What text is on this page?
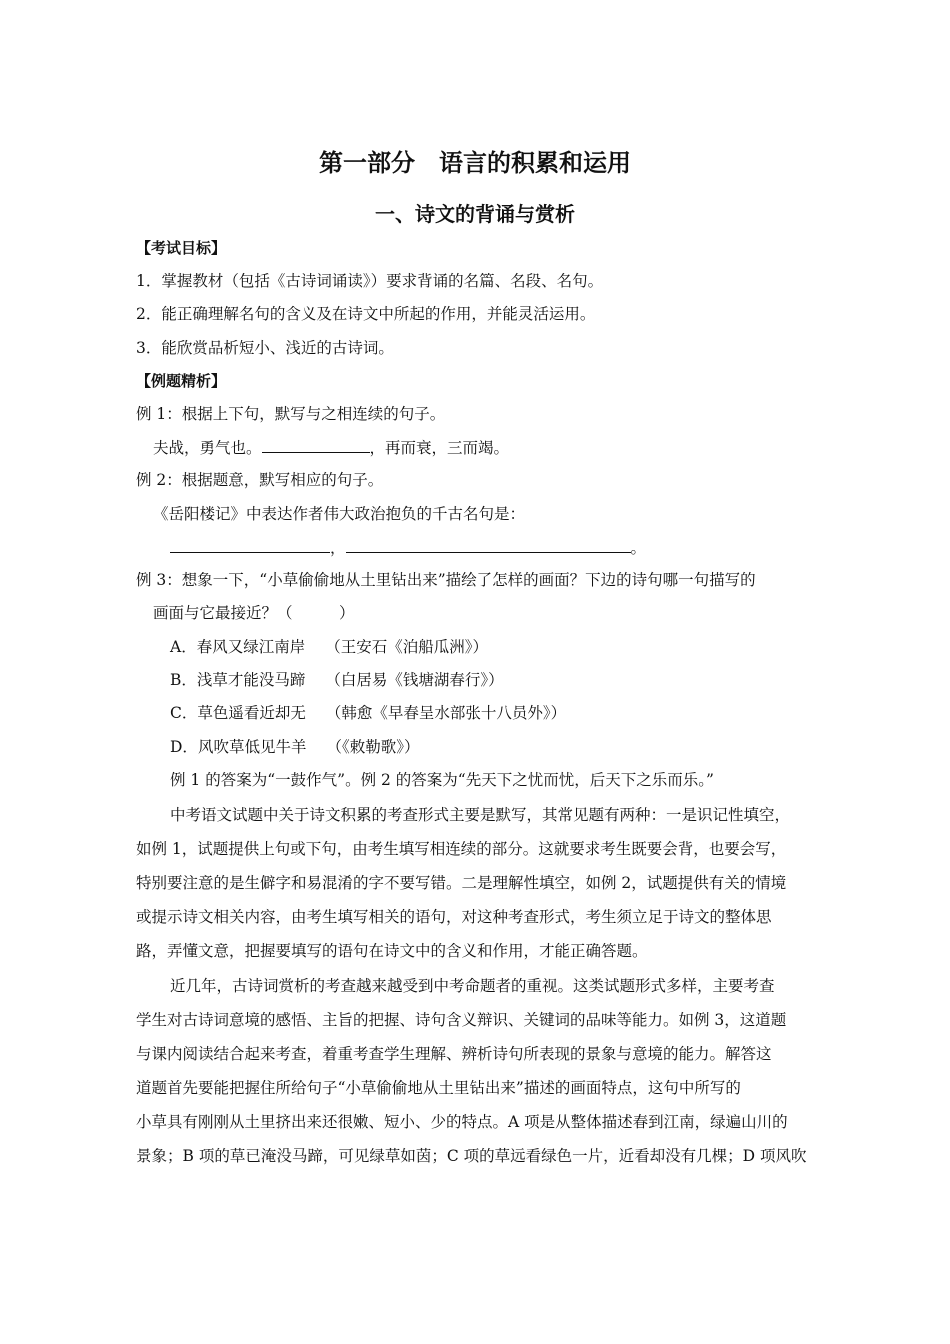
第一部分　语言的积累和运用
一、诗文的背诵与赏析
【考试目标】
1．掌握教材（包括《古诗词诵读》）要求背诵的名篇、名段、名句。
2．能正确理解名句的含义及在诗文中所起的作用，并能灵活运用。
3．能欣赏品析短小、浅近的古诗词。
【例题精析】
例 1：根据上下句，默写与之相连续的句子。
夫战，勇气也。	，再而衰，三而竭。
例 2：根据题意，默写相应的句子。
《岳阳楼记》中表达作者伟大政治抱负的千古名句是：
，	。
例 3：想象一下，“小草偷偷地从土里钻出来”描绘了怎样的画面？下边的诗句哪一句描写的
画面与它最接近？（　　　）
A．春风又绿江南岸 （王安石《泊船瓜洲》）
B．浅草才能没马蹄 （白居易《钱塘湖春行》）
C．草色遥看近却无 （韩愈《早春呈水部张十八员外》）
D．风吹草低见牛羊 （《敕勒歌》）
例 1 的答案为“一鼓作气”。例 2 的答案为“先天下之忧而忧，后天下之乐而乐。”
中考语文试题中关于诗文积累的考查形式主要是默写，其常见题有两种：一是识记性填空，
如例 1，试题提供上句或下句，由考生填写相连续的部分。这就要求考生既要会背，也要会写，
特别要注意的是生僻字和易混淆的字不要写错。二是理解性填空，如例 2，试题提供有关的情境
或提示诗文相关内容，由考生填写相关的语句，对这种考查形式，考生须立足于诗文的整体思
路，弄懂文意，把握要填写的语句在诗文中的含义和作用，才能正确答题。
近几年，古诗词赏析的考查越来越受到中考命题者的重视。这类试题形式多样，主要考查
学生对古诗词意境的感悟、主旨的把握、诗句含义辩识、关键词的品味等能力。如例 3，这道题
与课内阅读结合起来考查，着重考查学生理解、辨析诗句所表现的景象与意境的能力。解答这
道题首先要能把握住所给句子“小草偷偷地从土里钻出来”描述的画面特点，这句中所写的
小草具有刚刚从土里挤出来还很嫩、短小、少的特点。A 项是从整体描述春到江南，绿遍山川的
景象；B 项的草已淹没马蹄，可见绿草如茵；C 项的草远看绿色一片，近看却没有几棵；D 项风吹
